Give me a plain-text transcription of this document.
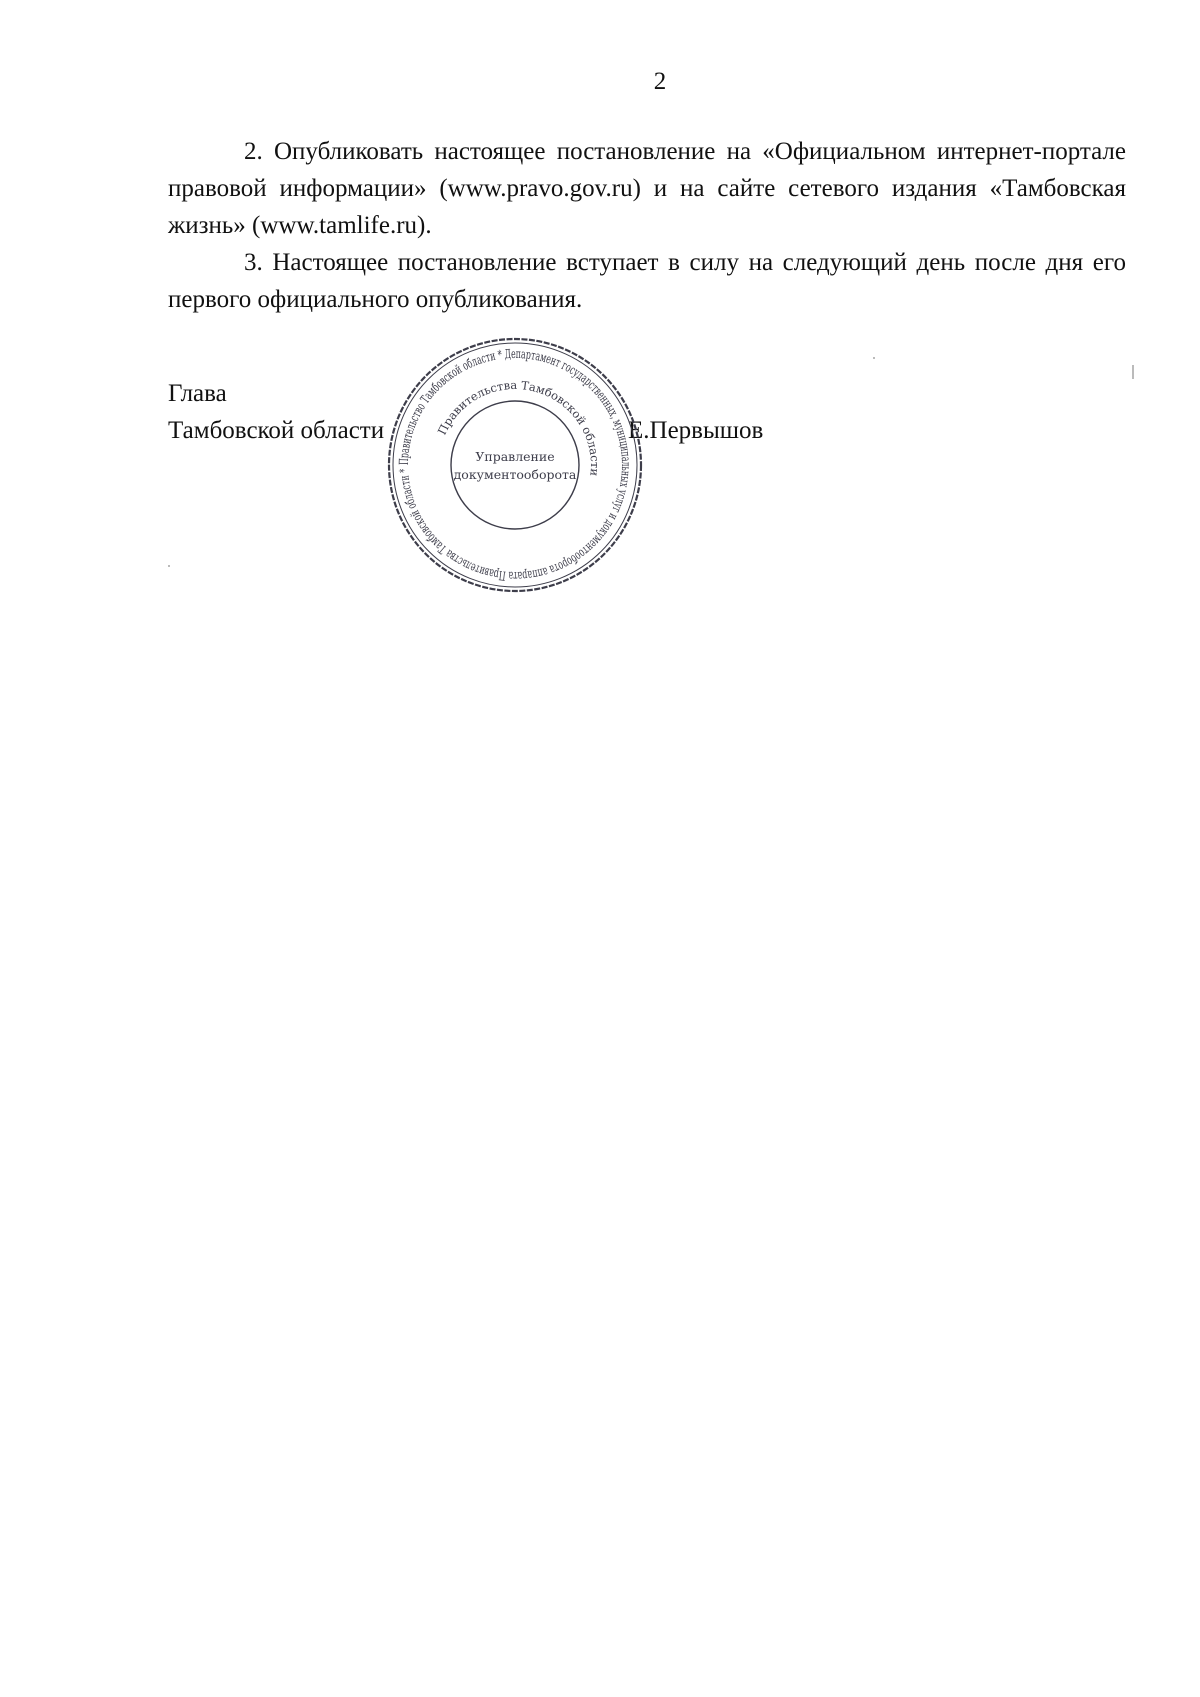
2

2. Опубликовать настоящее постановление на «Официальном интернет-портале правовой информации» (www.pravo.gov.ru) и на сайте сетевого издания «Тамбовская жизнь» (www.tamlife.ru).

3. Настоящее постановление вступает в силу на следующий день после дня его первого официального опубликования.

Глава
Тамбовской области	Е.Первышов
Правительство Тамбовской области * Департамент государственных, муниципальных услуг и документооборота аппарата Правительства Тамбовской области *
Правительства Тамбовской области
Управление
документооборота
